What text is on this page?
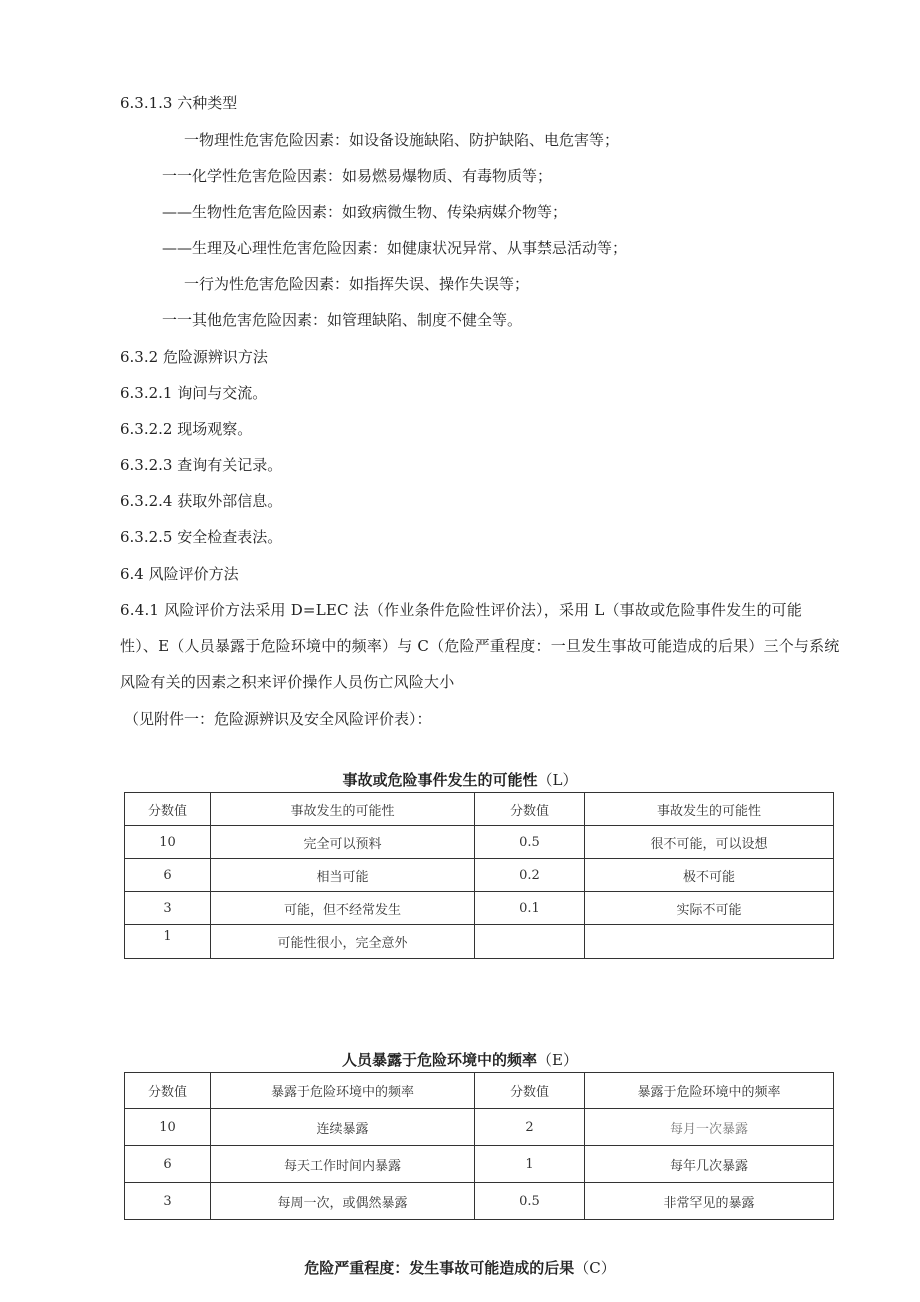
6.3.1.3 六种类型
一物理性危害危险因素：如设备设施缺陷、防护缺陷、电危害等；
一一化学性危害危险因素：如易燃易爆物质、有毒物质等；
——生物性危害危险因素：如致病微生物、传染病媒介物等；
——生理及心理性危害危险因素：如健康状况异常、从事禁忌活动等；
一行为性危害危险因素：如指挥失误、操作失误等；
一一其他危害危险因素：如管理缺陷、制度不健全等。
6.3.2 危险源辨识方法
6.3.2.1 询问与交流。
6.3.2.2 现场观察。
6.3.2.3 查询有关记录。
6.3.2.4 获取外部信息。
6.3.2.5 安全检查表法。
6.4 风险评价方法
6.4.1 风险评价方法采用 D=LEC 法（作业条件危险性评价法），采用 L（事故或危险事件发生的可能性）、E（人员暴露于危险环境中的频率）与 C（危险严重程度：一旦发生事故可能造成的后果）三个与系统风险有关的因素之积来评价操作人员伤亡风险大小
（见附件一：危险源辨识及安全风险评价表）：
事故或危险事件发生的可能性（L）
分数值	事故发生的可能性	分数值	事故发生的可能性
10	完全可以预料	0.5	很不可能，可以设想
6	相当可能	0.2	极不可能
3	可能，但不经常发生	0.1	实际不可能
1	可能性很小，完全意外		
人员暴露于危险环境中的频率（E）
分数值	暴露于危险环境中的频率	分数值	暴露于危险环境中的频率
10	连续暴露	2	每月一次暴露
6	每天工作时间内暴露	1	每年几次暴露
3	每周一次，或偶然暴露	0.5	非常罕见的暴露
危险严重程度：发生事故可能造成的后果（C）
